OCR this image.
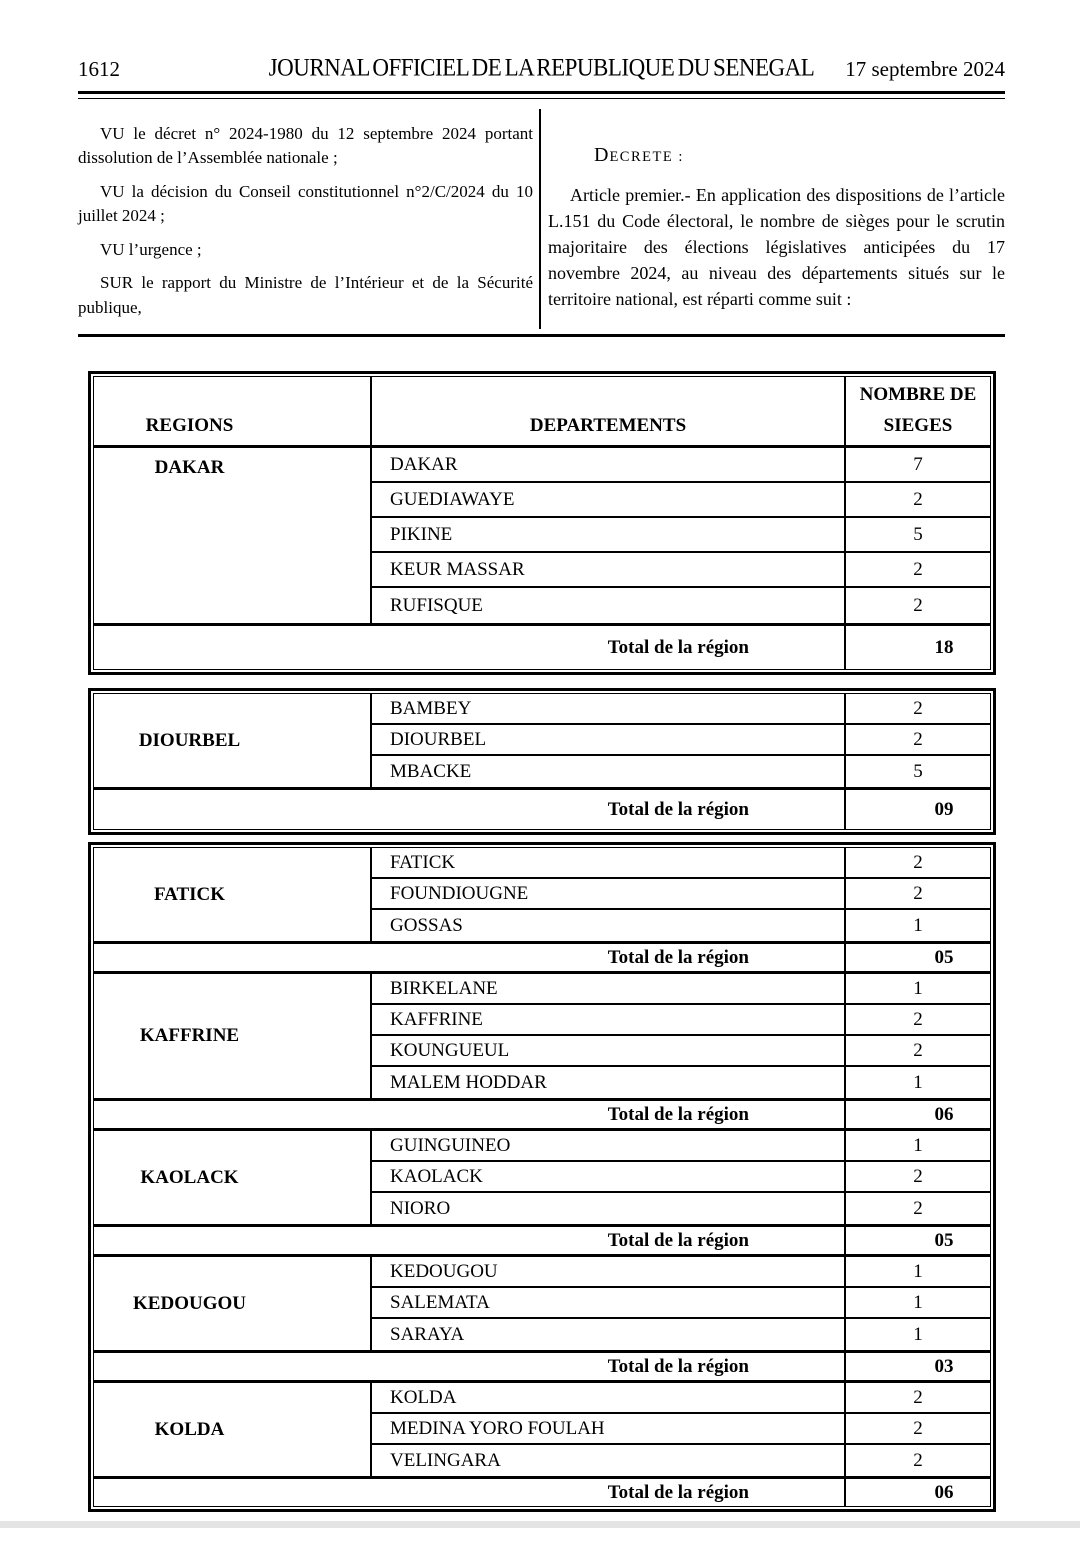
1612	JOURNAL OFFICIEL DE LA REPUBLIQUE DU SENEGAL 17 septembre 2024

VU le décret n° 2024-1980 du 12 septembre 2024 portant dissolution de l’Assemblée nationale ;

VU la décision du Conseil constitutionnel n°2/C/2024 du 10 juillet 2024 ;

VU l’urgence ;

SUR le rapport du Ministre de l’Intérieur et de la Sécurité publique,

DECRETE :

Article premier.- En application des dispositions de l’article L.151 du Code électoral, le nombre de sièges pour le scrutin majoritaire des élections législatives anticipées du 17 novembre 2024, au niveau des départements situés sur le territoire national, est réparti comme suit :

REGIONS	DEPARTEMENTS
NOMBRE DE
SIEGES
DAKAR	DAKAR	7
GUEDIAWAYE	2
PIKINE	5
KEUR MASSAR	2
RUFISQUE	2
Total de la région	18
DIOURBEL
BAMBEY	2
DIOURBEL	2
MBACKE	5
Total de la région	09
FATICK
FATICK	2
FOUNDIOUGNE	2
GOSSAS	1
Total de la région	05
KAFFRINE
BIRKELANE	1
KAFFRINE	2
KOUNGUEUL	2
MALEM HODDAR	1
Total de la région	06
KAOLACK
GUINGUINEO	1
KAOLACK	2
NIORO	2
Total de la région	05
KEDOUGOU
KEDOUGOU	1
SALEMATA	1
SARAYA	1
Total de la région	03
KOLDA
KOLDA	2
MEDINA YORO FOULAH	2
VELINGARA	2
Total de la région	06
